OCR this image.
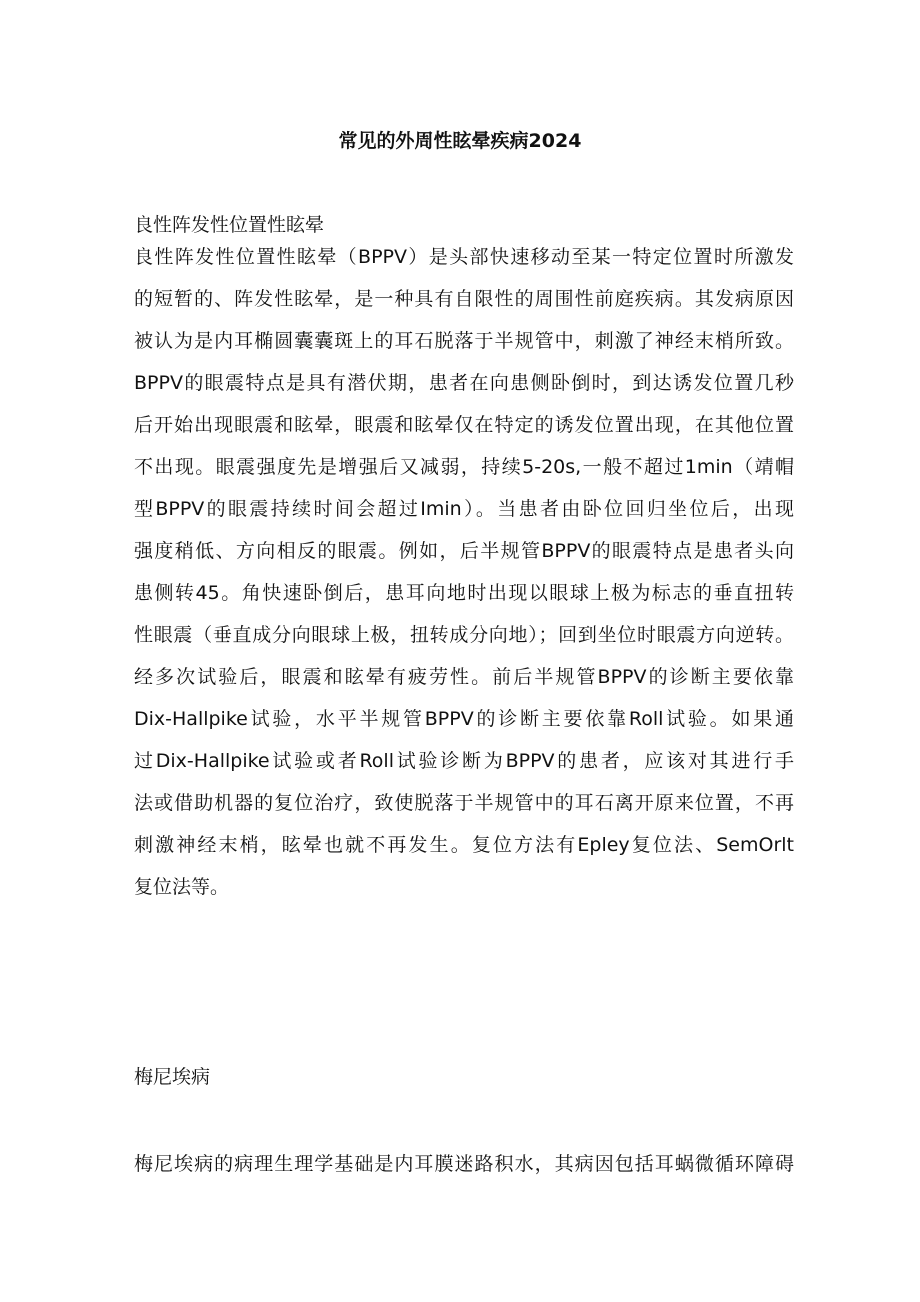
常见的外周性眩晕疾病2024
良性阵发性位置性眩晕
良性阵发性位置性眩晕（BPPV）是头部快速移动至某一特定位置时所激发
的短暂的、阵发性眩晕，是一种具有自限性的周围性前庭疾病。其发病原因
被认为是内耳椭圆囊囊斑上的耳石脱落于半规管中，刺激了神经末梢所致。
BPPV的眼震特点是具有潜伏期，患者在向患侧卧倒时，到达诱发位置几秒
后开始出现眼震和眩晕，眼震和眩晕仅在特定的诱发位置出现，在其他位置
不出现。眼震强度先是增强后又减弱，持续5-20s,一般不超过1min（靖帽
型BPPV的眼震持续时间会超过Imin）。当患者由卧位回归坐位后，出现
强度稍低、方向相反的眼震。例如，后半规管BPPV的眼震特点是患者头向
患侧转45。角快速卧倒后，患耳向地时出现以眼球上极为标志的垂直扭转
性眼震（垂直成分向眼球上极，扭转成分向地）；回到坐位时眼震方向逆转。
经多次试验后，眼震和眩晕有疲劳性。前后半规管BPPV的诊断主要依靠
Dix-Hallpike试验，水平半规管BPPV的诊断主要依靠Roll试验。如果通
过Dix-Hallpike试验或者Roll试验诊断为BPPV的患者，应该对其进行手
法或借助机器的复位治疗，致使脱落于半规管中的耳石离开原来位置，不再
刺激神经末梢，眩晕也就不再发生。复位方法有Epley复位法、SemOrlt
复位法等。
梅尼埃病
梅尼埃病的病理生理学基础是内耳膜迷路积水，其病因包括耳蜗微循环障碍
